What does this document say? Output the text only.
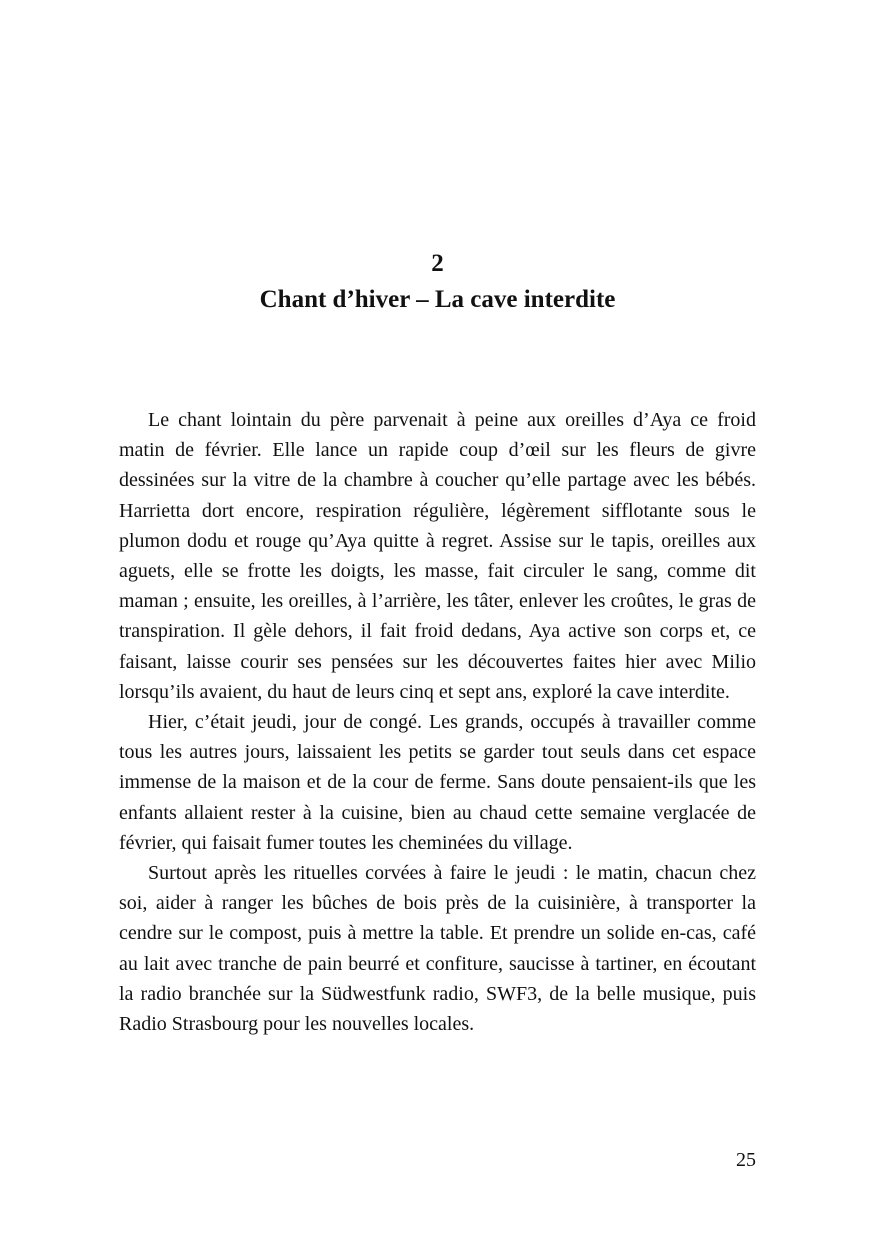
2
Chant d’hiver – La cave interdite

Le chant lointain du père parvenait à peine aux oreilles d’Aya ce froid matin de février. Elle lance un rapide coup d’œil sur les fleurs de givre dessinées sur la vitre de la chambre à coucher qu’elle partage avec les bébés. Harrietta dort encore, respiration régulière, légèrement sifflotante sous le plumon dodu et rouge qu’Aya quitte à regret. Assise sur le tapis, oreilles aux aguets, elle se frotte les doigts, les masse, fait circuler le sang, comme dit maman ; ensuite, les oreilles, à l’arrière, les tâter, enlever les croûtes, le gras de transpiration. Il gèle dehors, il fait froid dedans, Aya active son corps et, ce faisant, laisse courir ses pensées sur les découvertes faites hier avec Milio lorsqu’ils avaient, du haut de leurs cinq et sept ans, exploré la cave interdite.

Hier, c’était jeudi, jour de congé. Les grands, occupés à travailler comme tous les autres jours, laissaient les petits se garder tout seuls dans cet espace immense de la maison et de la cour de ferme. Sans doute pensaient-ils que les enfants allaient rester à la cuisine, bien au chaud cette semaine verglacée de février, qui faisait fumer toutes les cheminées du village.

Surtout après les rituelles corvées à faire le jeudi : le matin, chacun chez soi, aider à ranger les bûches de bois près de la cuisinière, à transporter la cendre sur le compost, puis à mettre la table. Et prendre un solide en-cas, café au lait avec tranche de pain beurré et confiture, saucisse à tartiner, en écoutant la radio branchée sur la Südwestfunk radio, SWF3, de la belle musique, puis Radio Strasbourg pour les nouvelles locales.

25
